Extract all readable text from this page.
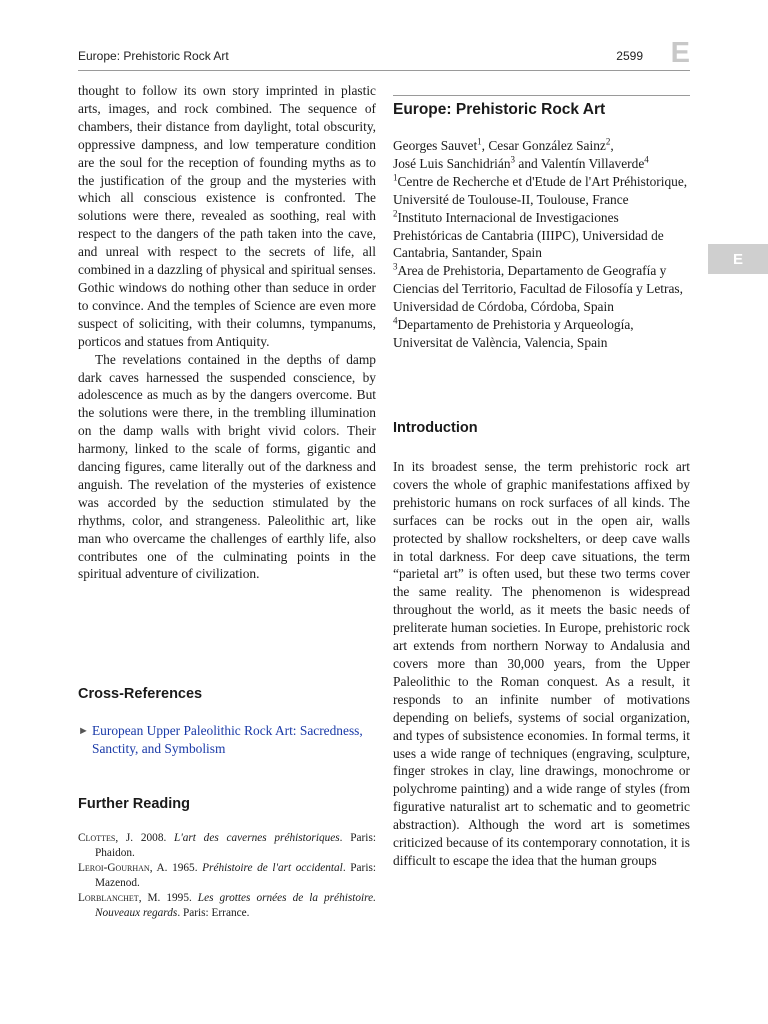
Europe: Prehistoric Rock Art	2599 E
E

thought to follow its own story imprinted in plastic arts, images, and rock combined. The sequence of chambers, their distance from daylight, total obscurity, oppressive dampness, and low temperature condition are the soul for the reception of founding myths as to the justification of the group and the mysteries with which all conscious existence is confronted. The solutions were there, revealed as soothing, real with respect to the dangers of the path taken into the cave, and unreal with respect to the secrets of life, all combined in a dazzling of physical and spiritual senses. Gothic windows do nothing other than seduce in order to convince. And the temples of Science are even more suspect of soliciting, with their columns, tympanums, porticos and statues from Antiquity.

The revelations contained in the depths of damp dark caves harnessed the suspended conscience, by adolescence as much as by the dangers overcome. But the solutions were there, in the trembling illumination on the damp walls with bright vivid colors. Their harmony, linked to the scale of forms, gigantic and dancing figures, came literally out of the darkness and anguish. The revelation of the mysteries of existence was accorded by the seduction stimulated by the rhythms, color, and strangeness. Paleolithic art, like man who overcame the challenges of earthly life, also contributes one of the culminating points in the spiritual adventure of civilization.

Cross-References

► European Upper Paleolithic Rock Art: Sacredness, Sanctity, and Symbolism

Further Reading

Clottes, J. 2008. L'art des cavernes préhistoriques. Paris: Phaidon.

Leroi-Gourhan, A. 1965. Préhistoire de l'art occidental. Paris: Mazenod.

Lorblanchet, M. 1995. Les grottes ornées de la préhistoire. Nouveaux regards. Paris: Errance.

Europe: Prehistoric Rock Art

Georges Sauvet$^1$, Cesar González Sainz$^2$,
José Luis Sanchidrián$^3$ and Valentín Villaverde$^4$

$^1$Centre de Recherche et d'Etude de l'Art Préhistorique, Université de Toulouse-II, Toulouse, France

$^2$Instituto Internacional de Investigaciones Prehistóricas de Cantabria (IIIPC), Universidad de Cantabria, Santander, Spain

$^3$Area de Prehistoria, Departamento de Geografía y Ciencias del Territorio, Facultad de Filosofía y Letras, Universidad de Córdoba, Córdoba, Spain

$^4$Departamento de Prehistoria y Arqueología, Universitat de València, Valencia, Spain

Introduction

In its broadest sense, the term prehistoric rock art covers the whole of graphic manifestations affixed by prehistoric humans on rock surfaces of all kinds. The surfaces can be rocks out in the open air, walls protected by shallow rockshelters, or deep cave walls in total darkness. For deep cave situations, the term “parietal art” is often used, but these two terms cover the same reality. The phenomenon is widespread throughout the world, as it meets the basic needs of preliterate human societies. In Europe, prehistoric rock art extends from northern Norway to Andalusia and covers more than 30,000 years, from the Upper Paleolithic to the Roman conquest. As a result, it responds to an infinite number of motivations depending on beliefs, systems of social organization, and types of subsistence economies. In formal terms, it uses a wide range of techniques (engraving, sculpture, finger strokes in clay, line drawings, monochrome or polychrome painting) and a wide range of styles (from figurative naturalist art to schematic and to geometric abstraction). Although the word art is sometimes criticized because of its contemporary connotation, it is difficult to escape the idea that the human groups
